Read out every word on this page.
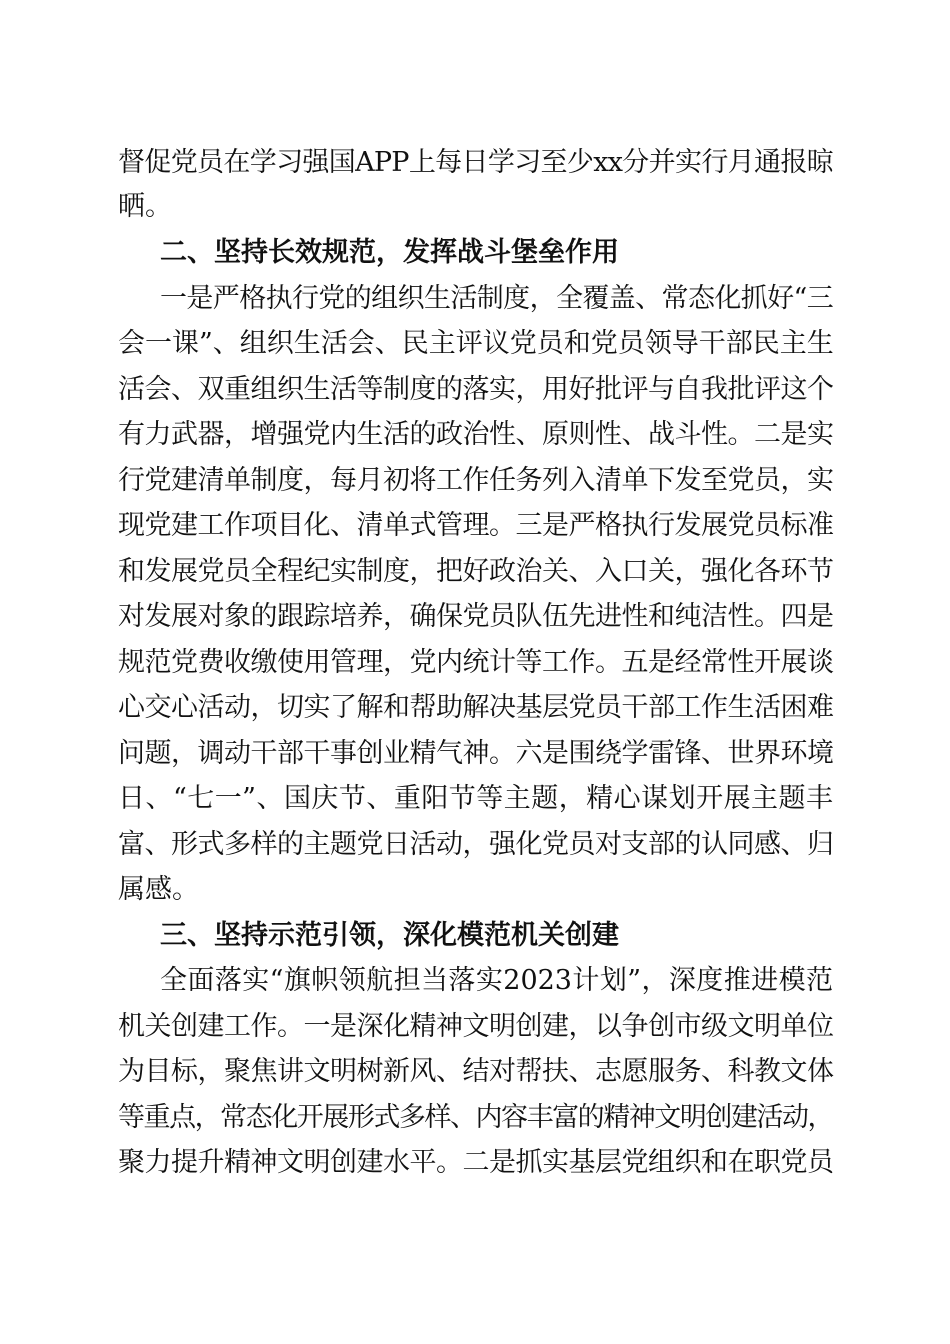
督促党员在学习强国APP上每日学习至少xx分并实行月通报晾
晒。
二、坚持长效规范，发挥战斗堡垒作用
一是严格执行党的组织生活制度，全覆盖、常态化抓好“三
会一课”、组织生活会、民主评议党员和党员领导干部民主生
活会、双重组织生活等制度的落实，用好批评与自我批评这个
有力武器，增强党内生活的政治性、原则性、战斗性。二是实
行党建清单制度，每月初将工作任务列入清单下发至党员，实
现党建工作项目化、清单式管理。三是严格执行发展党员标准
和发展党员全程纪实制度，把好政治关、入口关，强化各环节
对发展对象的跟踪培养，确保党员队伍先进性和纯洁性。四是
规范党费收缴使用管理，党内统计等工作。五是经常性开展谈
心交心活动，切实了解和帮助解决基层党员干部工作生活困难
问题，调动干部干事创业精气神。六是围绕学雷锋、世界环境
日、“七一”、国庆节、重阳节等主题，精心谋划开展主题丰
富、形式多样的主题党日活动，强化党员对支部的认同感、归
属感。
三、坚持示范引领，深化模范机关创建
全面落实“旗帜领航担当落实2023计划”，深度推进模范
机关创建工作。一是深化精神文明创建，以争创市级文明单位
为目标，聚焦讲文明树新风、结对帮扶、志愿服务、科教文体
等重点，常态化开展形式多样、内容丰富的精神文明创建活动，
聚力提升精神文明创建水平。二是抓实基层党组织和在职党员
